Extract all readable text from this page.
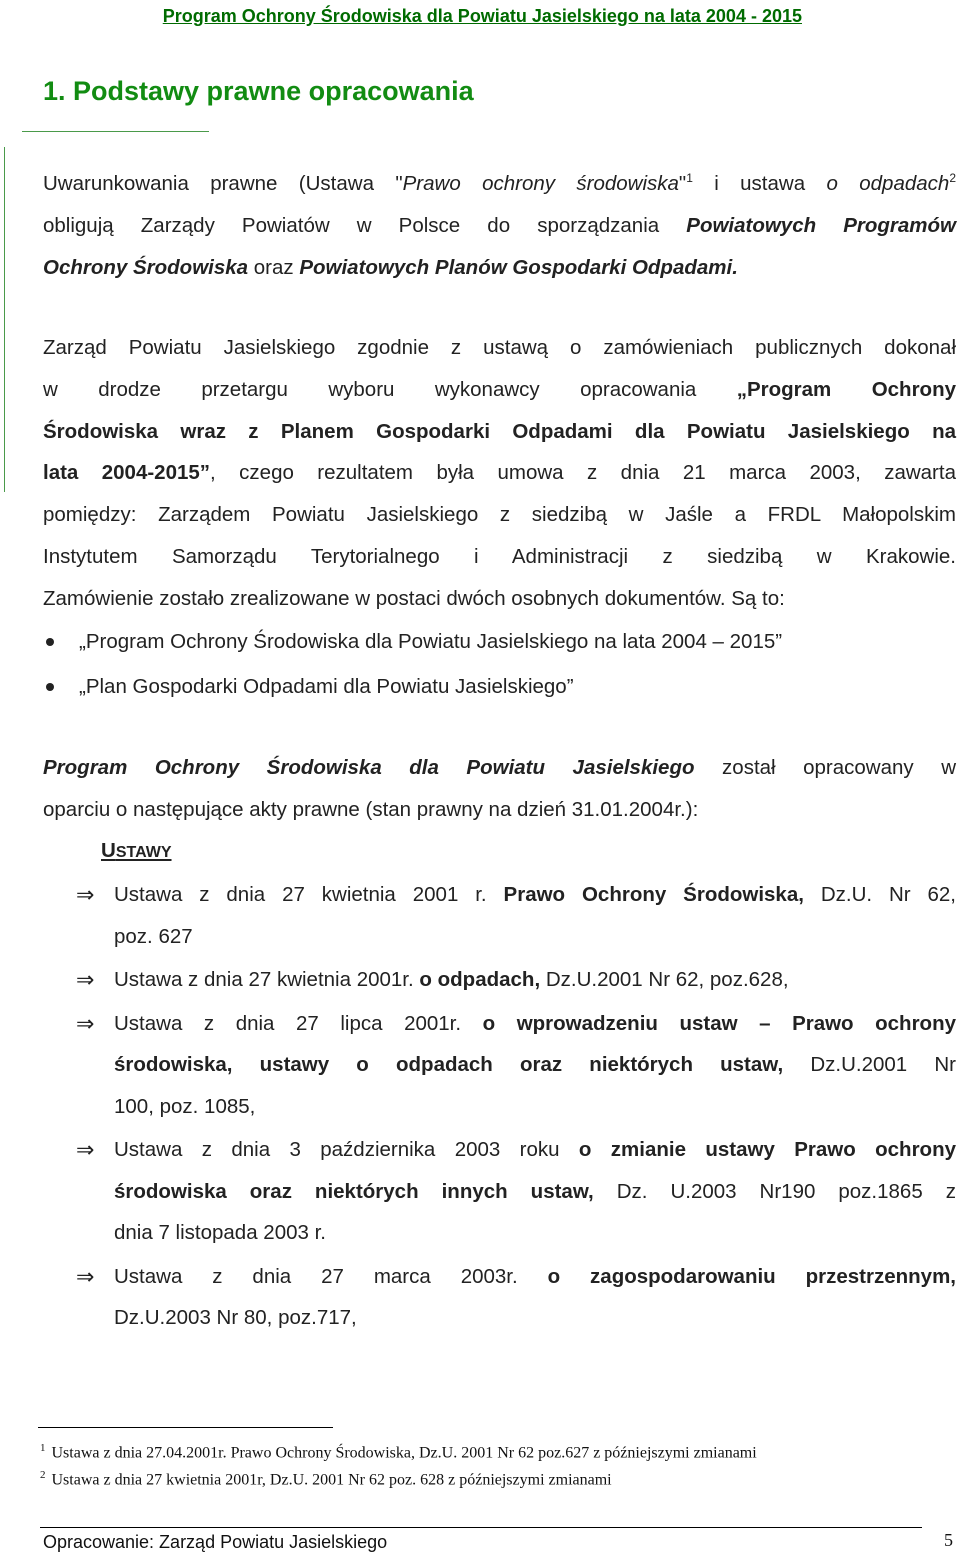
Program Ochrony Środowiska dla Powiatu Jasielskiego na lata 2004 - 2015
1. Podstawy prawne opracowania
Uwarunkowania prawne (Ustawa "Prawo ochrony środowiska"$^1$ i ustawa o odpadach$^2$
obligują Zarządy Powiatów w Polsce do sporządzania Powiatowych Programów
Ochrony Środowiska oraz Powiatowych Planów Gospodarki Odpadami.
Zarząd Powiatu Jasielskiego zgodnie z ustawą o zamówieniach publicznych dokonał
w drodze przetargu wyboru wykonawcy opracowania „Program Ochrony
Środowiska wraz z Planem Gospodarki Odpadami dla Powiatu Jasielskiego na
lata 2004-2015”, czego rezultatem była umowa z dnia 21 marca 2003, zawarta
pomiędzy: Zarządem Powiatu Jasielskiego z siedzibą w Jaśle a FRDL Małopolskim
Instytutem Samorządu Terytorialnego i Administracji z siedzibą w Krakowie.
Zamówienie zostało zrealizowane w postaci dwóch osobnych dokumentów. Są to:
„Program Ochrony Środowiska dla Powiatu Jasielskiego na lata 2004 – 2015”
„Plan Gospodarki Odpadami dla Powiatu Jasielskiego”
Program Ochrony Środowiska dla Powiatu Jasielskiego został opracowany w
oparciu o następujące akty prawne (stan prawny na dzień 31.01.2004r.):
USTAWY
⇒ Ustawa z dnia 27 kwietnia 2001 r. Prawo Ochrony Środowiska, Dz.U. Nr 62,
poz. 627
⇒ Ustawa z dnia 27 kwietnia 2001r. o odpadach, Dz.U.2001 Nr 62, poz.628,
⇒ Ustawa z dnia 27 lipca 2001r. o wprowadzeniu ustaw – Prawo ochrony
środowiska, ustawy o odpadach oraz niektórych ustaw, Dz.U.2001 Nr
100, poz. 1085,
⇒ Ustawa z dnia 3 października 2003 roku o zmianie ustawy Prawo ochrony
środowiska oraz niektórych innych ustaw, Dz. U.2003 Nr190 poz.1865 z
dnia 7 listopada 2003 r.
⇒ Ustawa z dnia 27 marca 2003r. o zagospodarowaniu przestrzennym,
Dz.U.2003 Nr 80, poz.717,
$^1$ Ustawa z dnia 27.04.2001r. Prawo Ochrony Środowiska, Dz.U. 2001 Nr 62 poz.627 z późniejszymi zmianami
$^2$ Ustawa z dnia 27 kwietnia 2001r, Dz.U. 2001 Nr 62 poz. 628 z późniejszymi zmianami
Opracowanie: Zarząd Powiatu Jasielskiego	5
